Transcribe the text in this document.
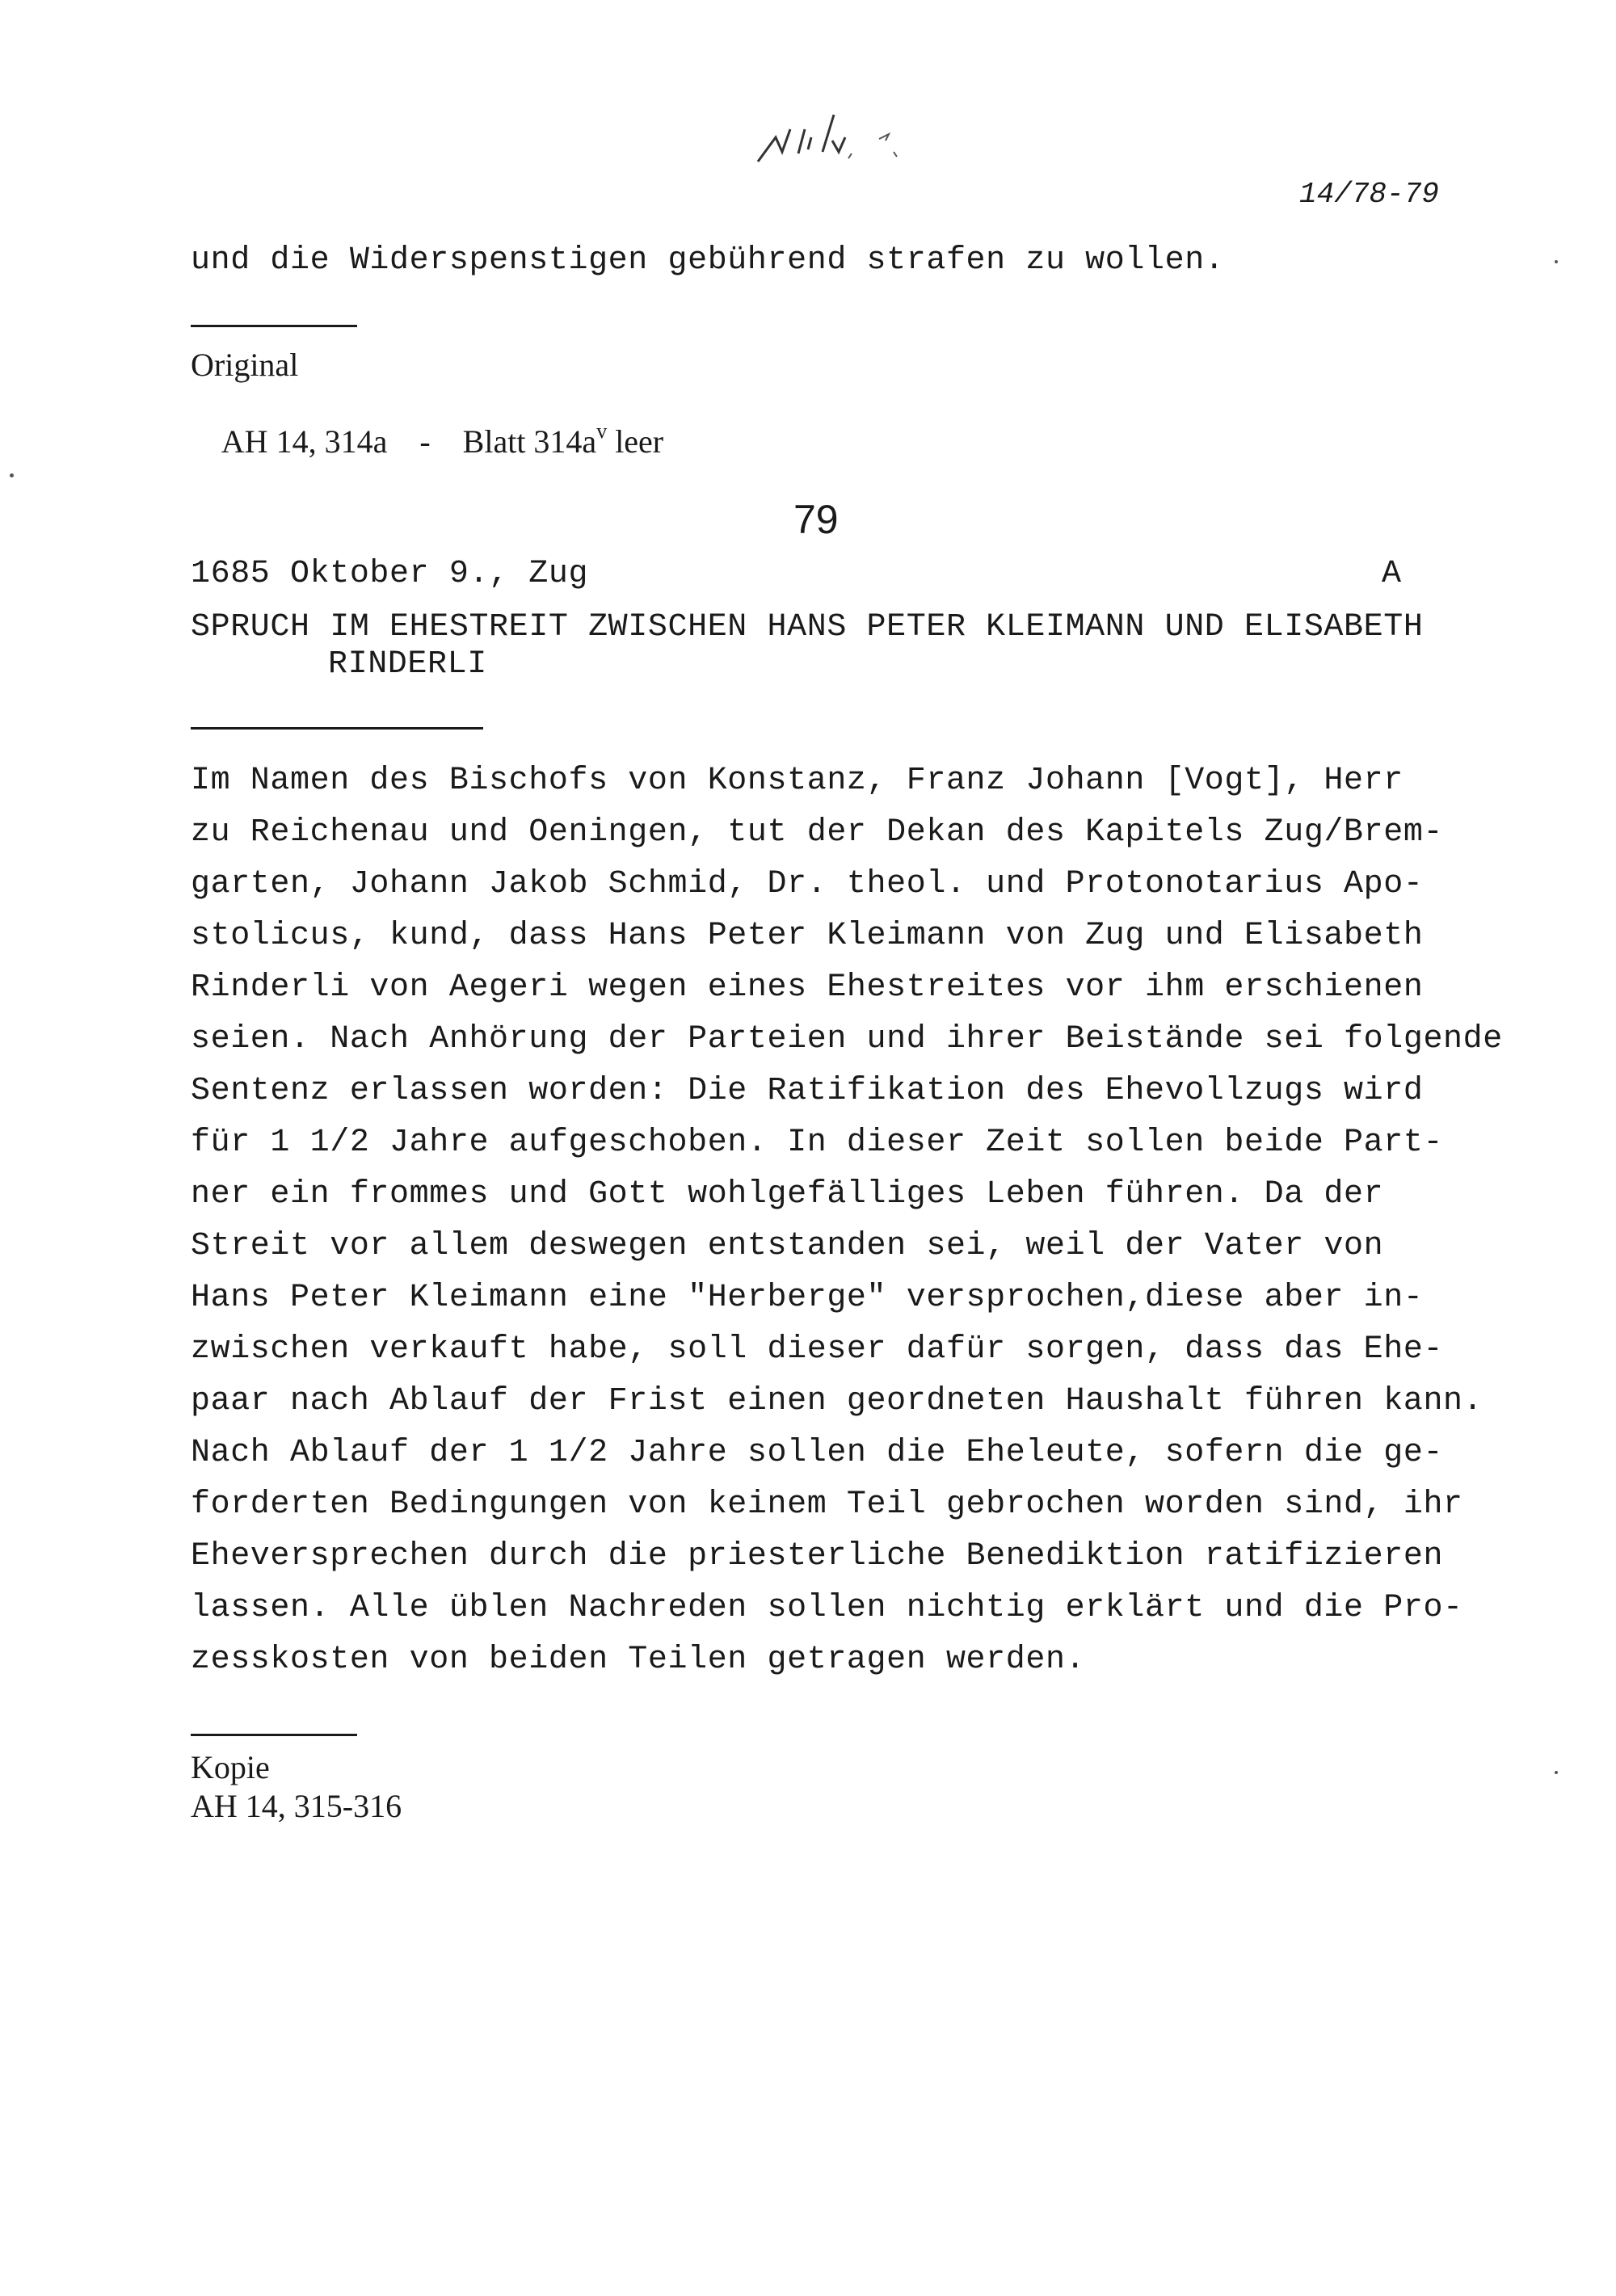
14/78-79
und die Widerspenstigen gebührend strafen zu wollen.
Original

AH 14, 314a - Blatt $314a^v$ leer

79
1685 Oktober 9., Zug	A
SPRUCH IM EHESTREIT ZWISCHEN HANS PETER KLEIMANN UND ELISABETH
RINDERLI
Im Namen des Bischofs von Konstanz, Franz Johann [Vogt], Herr
zu Reichenau und Oeningen, tut der Dekan des Kapitels Zug/Brem-
garten, Johann Jakob Schmid, Dr. theol. und Protonotarius Apo-
stolicus, kund, dass Hans Peter Kleimann von Zug und Elisabeth
Rinderli von Aegeri wegen eines Ehestreites vor ihm erschienen
seien. Nach Anhörung der Parteien und ihrer Beistände sei folgende
Sentenz erlassen worden: Die Ratifikation des Ehevollzugs wird
für 1 1/2 Jahre aufgeschoben. In dieser Zeit sollen beide Part-
ner ein frommes und Gott wohlgefälliges Leben führen. Da der
Streit vor allem deswegen entstanden sei, weil der Vater von
Hans Peter Kleimann eine "Herberge" versprochen,diese aber in-
zwischen verkauft habe, soll dieser dafür sorgen, dass das Ehe-
paar nach Ablauf der Frist einen geordneten Haushalt führen kann.
Nach Ablauf der 1 1/2 Jahre sollen die Eheleute, sofern die ge-
forderten Bedingungen von keinem Teil gebrochen worden sind, ihr
Eheversprechen durch die priesterliche Benediktion ratifizieren
lassen. Alle üblen Nachreden sollen nichtig erklärt und die Pro-
zesskosten von beiden Teilen getragen werden.
Kopie
AH 14, 315-316
